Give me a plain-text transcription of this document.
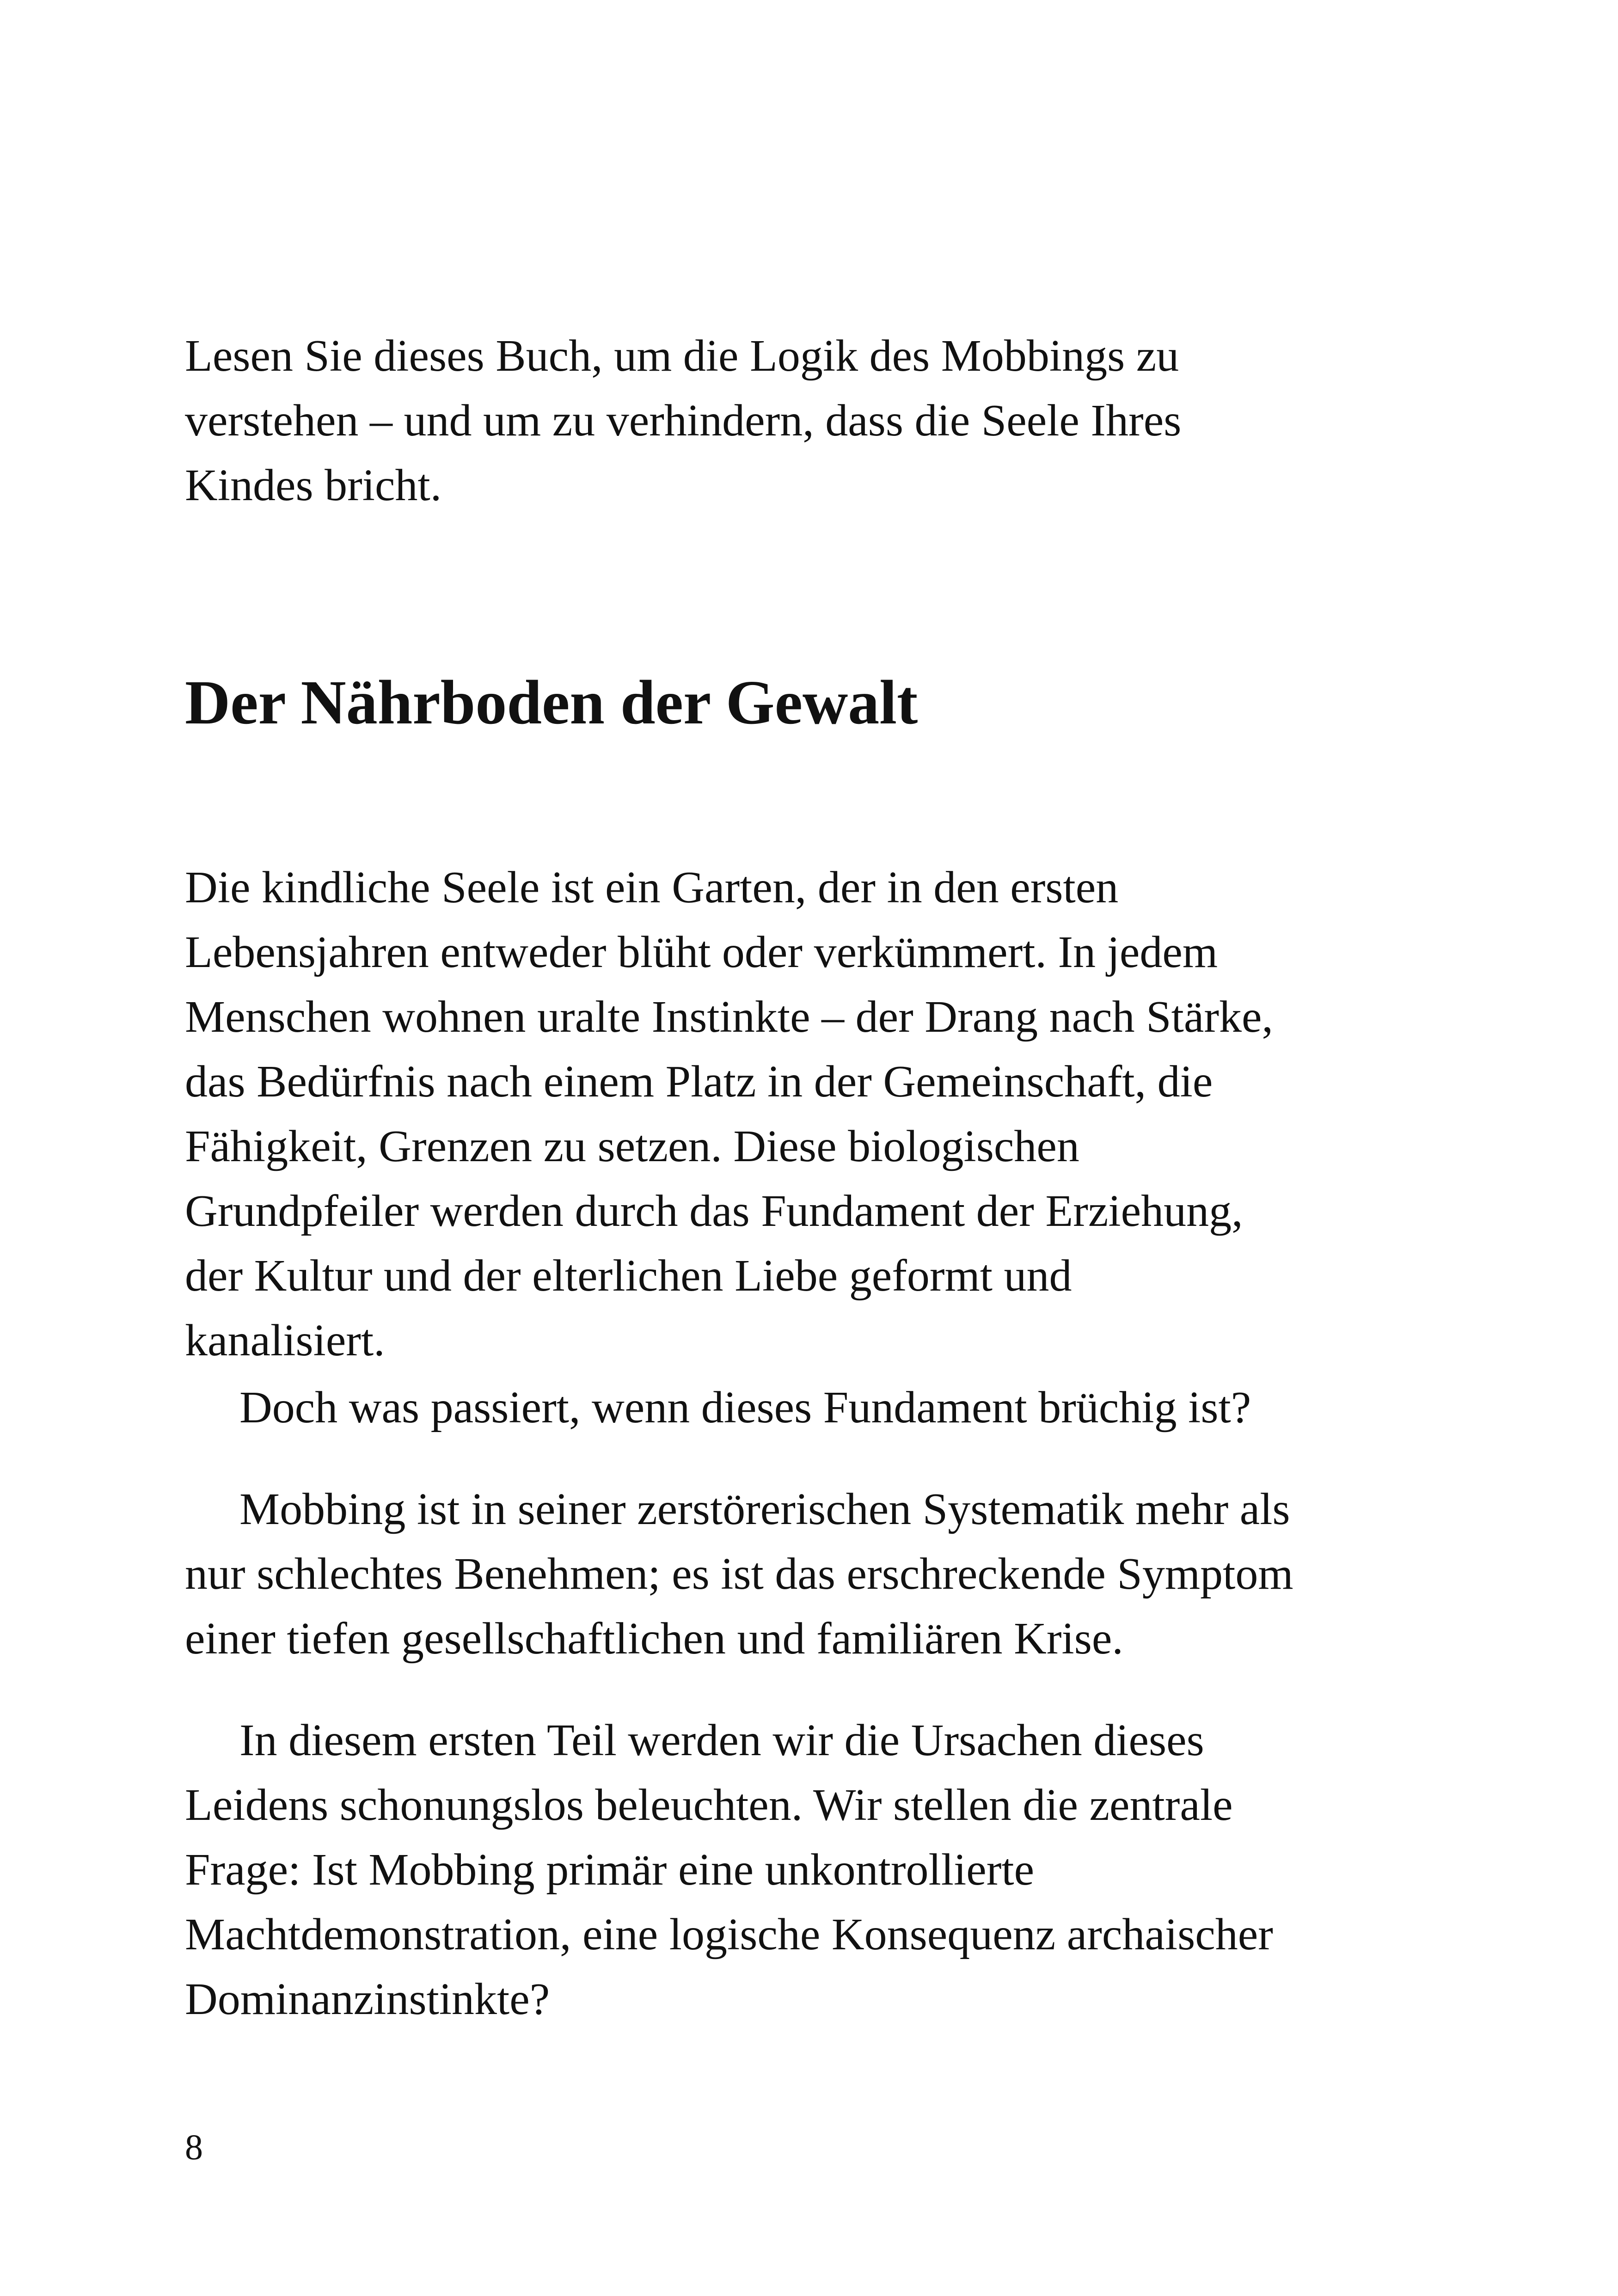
Lesen Sie dieses Buch, um die Logik des Mobbings zu
verstehen – und um zu verhindern, dass die Seele Ihres
Kindes bricht.

Der Nährboden der Gewalt

Die kindliche Seele ist ein Garten, der in den ersten
Lebensjahren entweder blüht oder verkümmert. In jedem
Menschen wohnen uralte Instinkte – der Drang nach Stärke,
das Bedürfnis nach einem Platz in der Gemeinschaft, die
Fähigkeit, Grenzen zu setzen. Diese biologischen
Grundpfeiler werden durch das Fundament der Erziehung,
der Kultur und der elterlichen Liebe geformt und
kanalisiert.

Doch was passiert, wenn dieses Fundament brüchig ist?

Mobbing ist in seiner zerstörerischen Systematik mehr als
nur schlechtes Benehmen; es ist das erschreckende Symptom
einer tiefen gesellschaftlichen und familiären Krise.

In diesem ersten Teil werden wir die Ursachen dieses
Leidens schonungslos beleuchten. Wir stellen die zentrale
Frage: Ist Mobbing primär eine unkontrollierte
Machtdemonstration, eine logische Konsequenz archaischer
Dominanzinstinkte?

8
